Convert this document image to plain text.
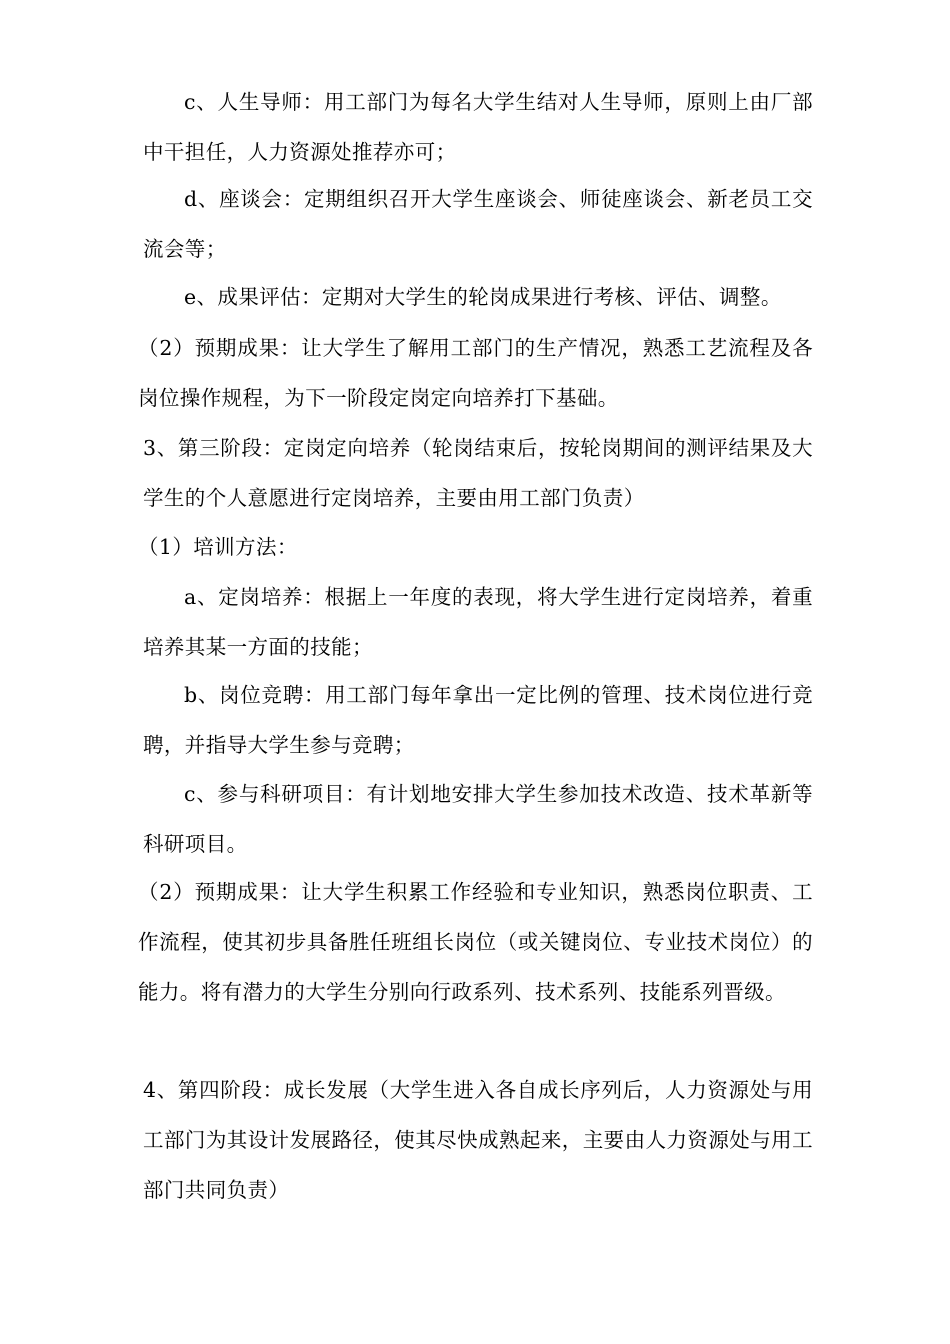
c、人生导师：用工部门为每名大学生结对人生导师，原则上由厂部中干担任，人力资源处推荐亦可；

d、座谈会：定期组织召开大学生座谈会、师徒座谈会、新老员工交流会等；

e、成果评估：定期对大学生的轮岗成果进行考核、评估、调整。

（2）预期成果：让大学生了解用工部门的生产情况，熟悉工艺流程及各岗位操作规程，为下一阶段定岗定向培养打下基础。

3、第三阶段：定岗定向培养（轮岗结束后，按轮岗期间的测评结果及大学生的个人意愿进行定岗培养，主要由用工部门负责）

（1）培训方法：

a、定岗培养：根据上一年度的表现，将大学生进行定岗培养，着重培养其某一方面的技能；

b、岗位竞聘：用工部门每年拿出一定比例的管理、技术岗位进行竞聘，并指导大学生参与竞聘；

c、参与科研项目：有计划地安排大学生参加技术改造、技术革新等科研项目。

（2）预期成果：让大学生积累工作经验和专业知识，熟悉岗位职责、工作流程，使其初步具备胜任班组长岗位（或关键岗位、专业技术岗位）的能力。将有潜力的大学生分别向行政系列、技术系列、技能系列晋级。

4、第四阶段：成长发展（大学生进入各自成长序列后，人力资源处与用工部门为其设计发展路径，使其尽快成熟起来，主要由人力资源处与用工部门共同负责）
